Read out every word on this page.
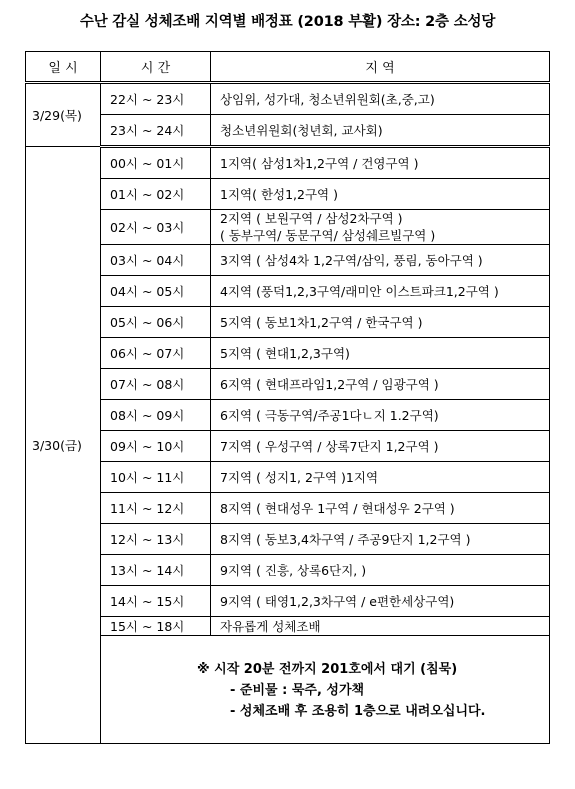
수난 감실 성체조배 지역별 배정표 (2018 부활) 장소: 2층 소성당
일 시	시 간	지 역
3/29(목)	22시 ~ 23시	상임위, 성가대, 청소년위원회(초,중,고)
	23시 ~ 24시	청소년위원회(청년회, 교사회)
3/30(금)	00시 ~ 01시	1지역( 삼성1차1,2구역 / 건영구역 )
	01시 ~ 02시	1지역( 한성1,2구역 )
	02시 ~ 03시	2지역 ( 보원구역 / 삼성2차구역 )
( 동부구역/ 동문구역/ 삼성쉐르빌구역 )

	03시 ~ 04시	3지역 ( 삼성4차 1,2구역/삼익, 풍림, 동아구역 )
	04시 ~ 05시	4지역 (풍덕1,2,3구역/래미안 이스트파크1,2구역 )
	05시 ~ 06시	5지역 ( 동보1차1,2구역 / 한국구역 )
	06시 ~ 07시	5지역 ( 현대1,2,3구역)
	07시 ~ 08시	6지역 ( 현대프라임1,2구역 / 임광구역 )
	08시 ~ 09시	6지역 ( 극동구역/주공1다ㄴ지 1.2구역)
	09시 ~ 10시	7지역 ( 우성구역 / 상록7단지 1,2구역 )
	10시 ~ 11시	7지역 ( 성지1, 2구역 )1지역
	11시 ~ 12시	8지역 ( 현대성우 1구역 / 현대성우 2구역 )
	12시 ~ 13시	8지역 ( 동보3,4차구역 / 주공9단지 1,2구역 )
	13시 ~ 14시	9지역 ( 진흥, 상록6단지, )
	14시 ~ 15시	9지역 ( 태영1,2,3차구역 / e편한세상구역)
	15시 ~ 18시	자유롭게 성체조배

	※ 시작 20분 전까지 201호에서 대기 (침묵)
- 준비물 : 묵주, 성가책
- 성체조배 후 조용히 1층으로 내려오십니다.	
